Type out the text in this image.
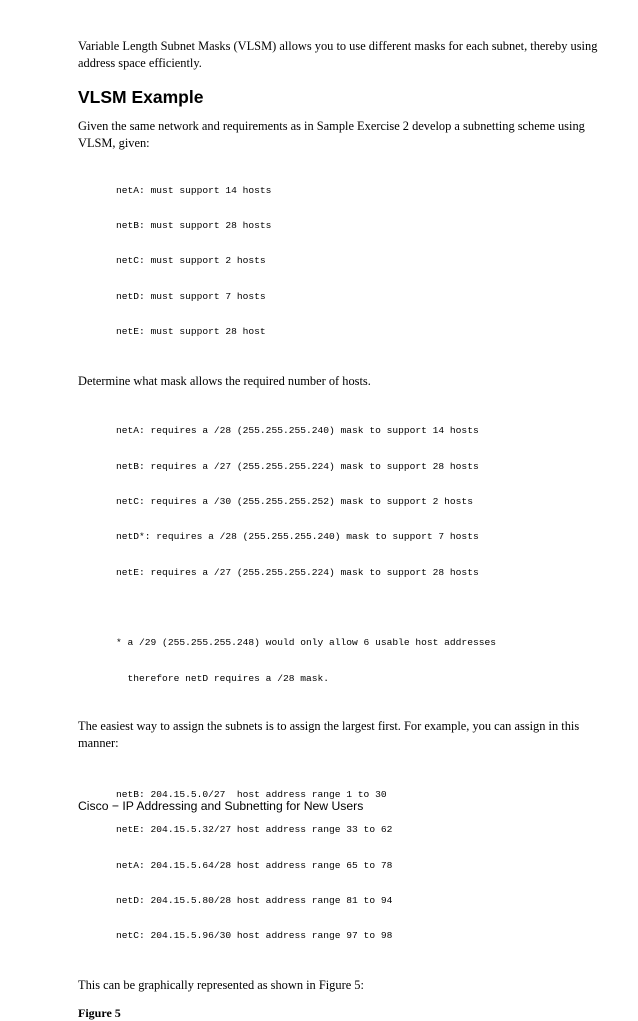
Variable Length Subnet Masks (VLSM) allows you to use different masks for each subnet, thereby using address space efficiently.

VLSM Example

Given the same network and requirements as in Sample Exercise 2 develop a subnetting scheme using VLSM, given:

netA: must support 14 hosts

netB: must support 28 hosts

netC: must support 2 hosts

netD: must support 7 hosts

netE: must support 28 host

Determine what mask allows the required number of hosts.

netA: requires a /28 (255.255.255.240) mask to support 14 hosts

netB: requires a /27 (255.255.255.224) mask to support 28 hosts

netC: requires a /30 (255.255.255.252) mask to support 2 hosts

netD*: requires a /28 (255.255.255.240) mask to support 7 hosts

netE: requires a /27 (255.255.255.224) mask to support 28 hosts

* a /29 (255.255.255.248) would only allow 6 usable host addresses

therefore netD requires a /28 mask.

The easiest way to assign the subnets is to assign the largest first. For example, you can assign in this manner:

netB: 204.15.5.0/27  host address range 1 to 30

netE: 204.15.5.32/27 host address range 33 to 62

netA: 204.15.5.64/28 host address range 65 to 78

netD: 204.15.5.80/28 host address range 81 to 94

netC: 204.15.5.96/30 host address range 97 to 98

This can be graphically represented as shown in Figure 5:

Figure 5

Cisco − IP Addressing and Subnetting for New Users
